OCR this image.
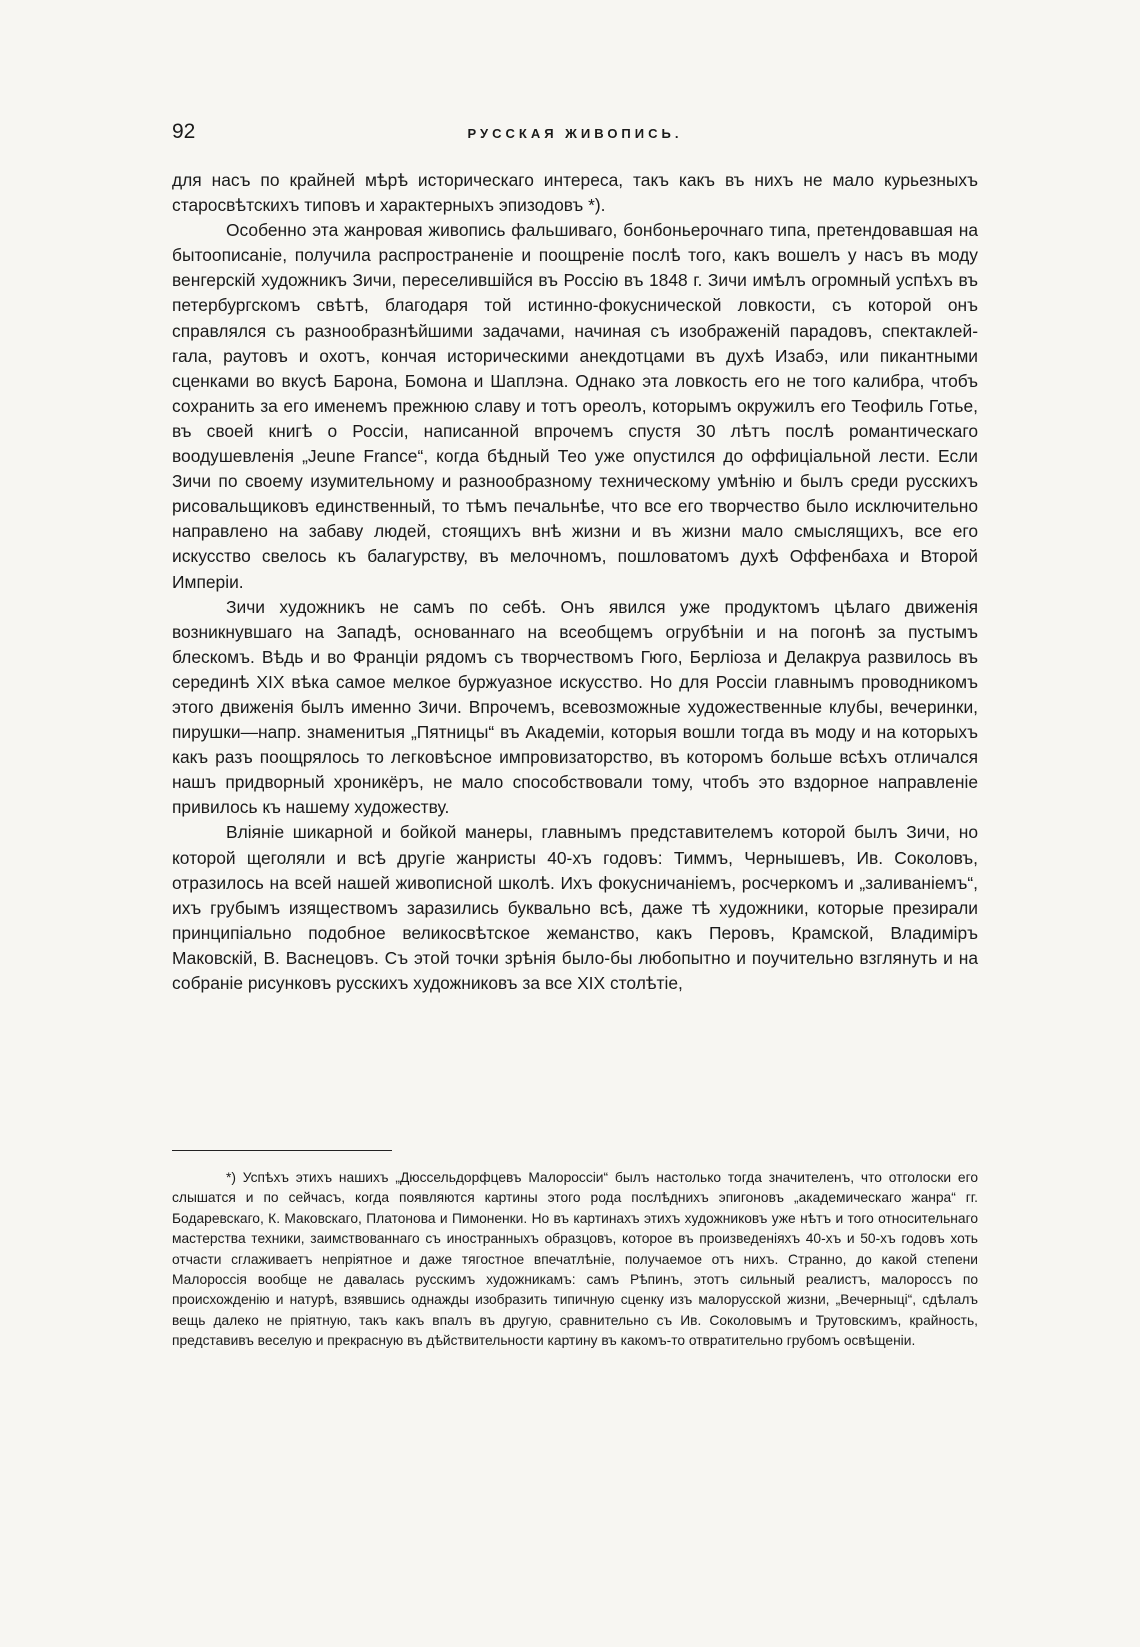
92	РУССКАЯ ЖИВОПИСЬ.

для насъ по крайней мѣрѣ историческаго интереса, такъ какъ въ нихъ не мало курьезныхъ старосвѣтскихъ типовъ и характерныхъ эпизодовъ *).

Особенно эта жанровая живопись фальшиваго, бонбоньерочнаго типа, претендовавшая на бытоописаніе, получила распространеніе и поощреніе послѣ того, какъ вошелъ у насъ въ моду венгерскій художникъ Зичи, переселившійся въ Россію въ 1848 г. Зичи имѣлъ огромный успѣхъ въ петербургскомъ свѣтѣ, благодаря той истинно-фокуснической ловкости, съ которой онъ справлялся съ разнообразнѣйшими задачами, начиная съ изображеній парадовъ, спектаклей-гала, раутовъ и охотъ, кончая историческими анекдотцами въ духѣ Изабэ, или пикантными сценками во вкусѣ Барона, Бомона и Шаплэна. Однако эта ловкость его не того калибра, чтобъ сохранить за его именемъ прежнюю славу и тотъ ореолъ, которымъ окружилъ его Теофиль Готье, въ своей книгѣ о Россіи, написанной впрочемъ спустя 30 лѣтъ послѣ романтическаго воодушевленія „Jeune France“, когда бѣдный Тео уже опустился до оффиціальной лести. Если Зичи по своему изумительному и разнообразному техническому умѣнію и былъ среди русскихъ рисовальщиковъ единственный, то тѣмъ печальнѣе, что все его творчество было исключительно направлено на забаву людей, стоящихъ внѣ жизни и въ жизни мало смыслящихъ, все его искусство свелось къ балагурству, въ мелочномъ, пошловатомъ духѣ Оффенбаха и Второй Имперіи.

Зичи художникъ не самъ по себѣ. Онъ явился уже продуктомъ цѣлаго движенія возникнувшаго на Западѣ, основаннаго на всеобщемъ огрубѣніи и на погонѣ за пустымъ блескомъ. Вѣдь и во Франціи рядомъ съ творчествомъ Гюго, Берліоза и Делакруа развилось въ серединѣ XIX вѣка самое мелкое буржуазное искусство. Но для Россіи главнымъ проводникомъ этого движенія былъ именно Зичи. Впрочемъ, всевозможные художественные клубы, вечеринки, пирушки—напр. знаменитыя „Пятницы“ въ Академіи, которыя вошли тогда въ моду и на которыхъ какъ разъ поощрялось то легковѣсное импровизаторство, въ которомъ больше всѣхъ отличался нашъ придворный хроникёръ, не мало способствовали тому, чтобъ это вздорное направленіе привилось къ нашему художеству.

Вліяніе шикарной и бойкой манеры, главнымъ представителемъ которой былъ Зичи, но которой щеголяли и всѣ другіе жанристы 40-хъ годовъ: Тиммъ, Чернышевъ, Ив. Соколовъ, отразилось на всей нашей живописной школѣ. Ихъ фокусничаніемъ, росчеркомъ и „заливаніемъ“, ихъ грубымъ изяществомъ заразились буквально всѣ, даже тѣ художники, которые презирали принципіально подобное великосвѣтское жеманство, какъ Перовъ, Крамской, Владиміръ Маковскій, В. Васнецовъ. Съ этой точки зрѣнія было-бы любопытно и поучительно взглянуть и на собраніе рисунковъ русскихъ художниковъ за все XIX столѣтіе,

*) Успѣхъ этихъ нашихъ „Дюссельдорфцевъ Малороссіи“ былъ настолько тогда значителенъ, что отголоски его слышатся и по сейчасъ, когда появляются картины этого рода послѣднихъ эпигоновъ „академическаго жанра“ гг. Бодаревскаго, К. Маковскаго, Платонова и Пимоненки. Но въ картинахъ этихъ художниковъ уже нѣтъ и того относительнаго мастерства техники, заимствованнаго съ иностранныхъ образцовъ, которое въ произведеніяхъ 40-хъ и 50-хъ годовъ хоть отчасти сглаживаетъ непріятное и даже тягостное впечатлѣніе, получаемое отъ нихъ. Странно, до какой степени Малороссія вообще не давалась русскимъ художникамъ: самъ Рѣпинъ, этотъ сильный реалистъ, малороссъ по происхожденію и натурѣ, взявшись однажды изобразить типичную сценку изъ малорусской жизни, „Вечерныці“, сдѣлалъ вещь далеко не пріятную, такъ какъ впалъ въ другую, сравнительно съ Ив. Соколовымъ и Трутовскимъ, крайность, представивъ веселую и прекрасную въ дѣйствительности картину въ какомъ-то отвратительно грубомъ освѣщеніи.
